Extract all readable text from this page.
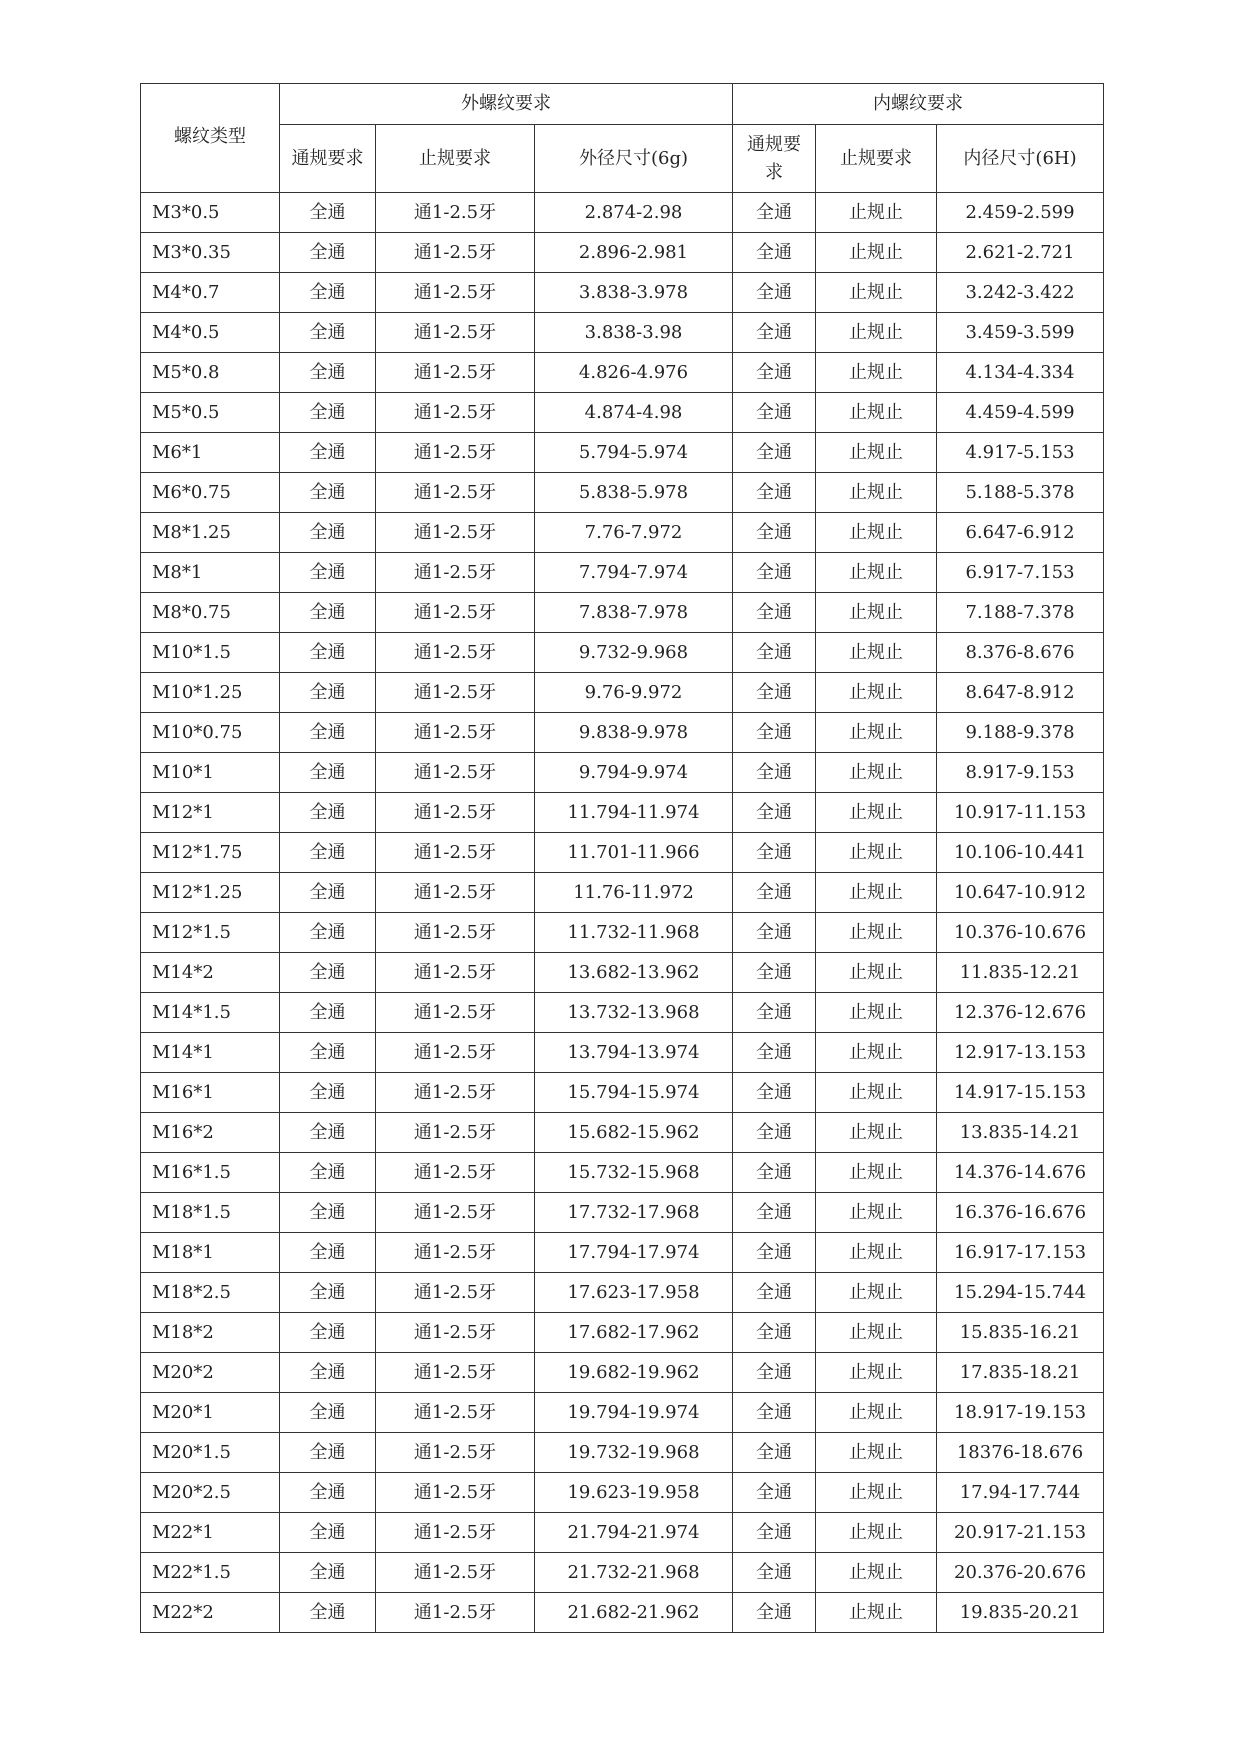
螺纹类型	外螺纹要求			内螺纹要求		
	通规要求	止规要求	外径尺寸(6g)	通规要求	止规要求	内径尺寸(6H)
M3*0.5	全通	通1-2.5牙	2.874-2.98	全通	止规止	2.459-2.599
M3*0.35	全通	通1-2.5牙	2.896-2.981	全通	止规止	2.621-2.721
M4*0.7	全通	通1-2.5牙	3.838-3.978	全通	止规止	3.242-3.422
M4*0.5	全通	通1-2.5牙	3.838-3.98	全通	止规止	3.459-3.599
M5*0.8	全通	通1-2.5牙	4.826-4.976	全通	止规止	4.134-4.334
M5*0.5	全通	通1-2.5牙	4.874-4.98	全通	止规止	4.459-4.599
M6*1	全通	通1-2.5牙	5.794-5.974	全通	止规止	4.917-5.153
M6*0.75	全通	通1-2.5牙	5.838-5.978	全通	止规止	5.188-5.378
M8*1.25	全通	通1-2.5牙	7.76-7.972	全通	止规止	6.647-6.912
M8*1	全通	通1-2.5牙	7.794-7.974	全通	止规止	6.917-7.153
M8*0.75	全通	通1-2.5牙	7.838-7.978	全通	止规止	7.188-7.378
M10*1.5	全通	通1-2.5牙	9.732-9.968	全通	止规止	8.376-8.676
M10*1.25	全通	通1-2.5牙	9.76-9.972	全通	止规止	8.647-8.912
M10*0.75	全通	通1-2.5牙	9.838-9.978	全通	止规止	9.188-9.378
M10*1	全通	通1-2.5牙	9.794-9.974	全通	止规止	8.917-9.153
M12*1	全通	通1-2.5牙	11.794-11.974	全通	止规止	10.917-11.153
M12*1.75	全通	通1-2.5牙	11.701-11.966	全通	止规止	10.106-10.441
M12*1.25	全通	通1-2.5牙	11.76-11.972	全通	止规止	10.647-10.912
M12*1.5	全通	通1-2.5牙	11.732-11.968	全通	止规止	10.376-10.676
M14*2	全通	通1-2.5牙	13.682-13.962	全通	止规止	11.835-12.21
M14*1.5	全通	通1-2.5牙	13.732-13.968	全通	止规止	12.376-12.676
M14*1	全通	通1-2.5牙	13.794-13.974	全通	止规止	12.917-13.153
M16*1	全通	通1-2.5牙	15.794-15.974	全通	止规止	14.917-15.153
M16*2	全通	通1-2.5牙	15.682-15.962	全通	止规止	13.835-14.21
M16*1.5	全通	通1-2.5牙	15.732-15.968	全通	止规止	14.376-14.676
M18*1.5	全通	通1-2.5牙	17.732-17.968	全通	止规止	16.376-16.676
M18*1	全通	通1-2.5牙	17.794-17.974	全通	止规止	16.917-17.153
M18*2.5	全通	通1-2.5牙	17.623-17.958	全通	止规止	15.294-15.744
M18*2	全通	通1-2.5牙	17.682-17.962	全通	止规止	15.835-16.21
M20*2	全通	通1-2.5牙	19.682-19.962	全通	止规止	17.835-18.21
M20*1	全通	通1-2.5牙	19.794-19.974	全通	止规止	18.917-19.153
M20*1.5	全通	通1-2.5牙	19.732-19.968	全通	止规止	18376-18.676
M20*2.5	全通	通1-2.5牙	19.623-19.958	全通	止规止	17.94-17.744
M22*1	全通	通1-2.5牙	21.794-21.974	全通	止规止	20.917-21.153
M22*1.5	全通	通1-2.5牙	21.732-21.968	全通	止规止	20.376-20.676
M22*2	全通	通1-2.5牙	21.682-21.962	全通	止规止	19.835-20.21
